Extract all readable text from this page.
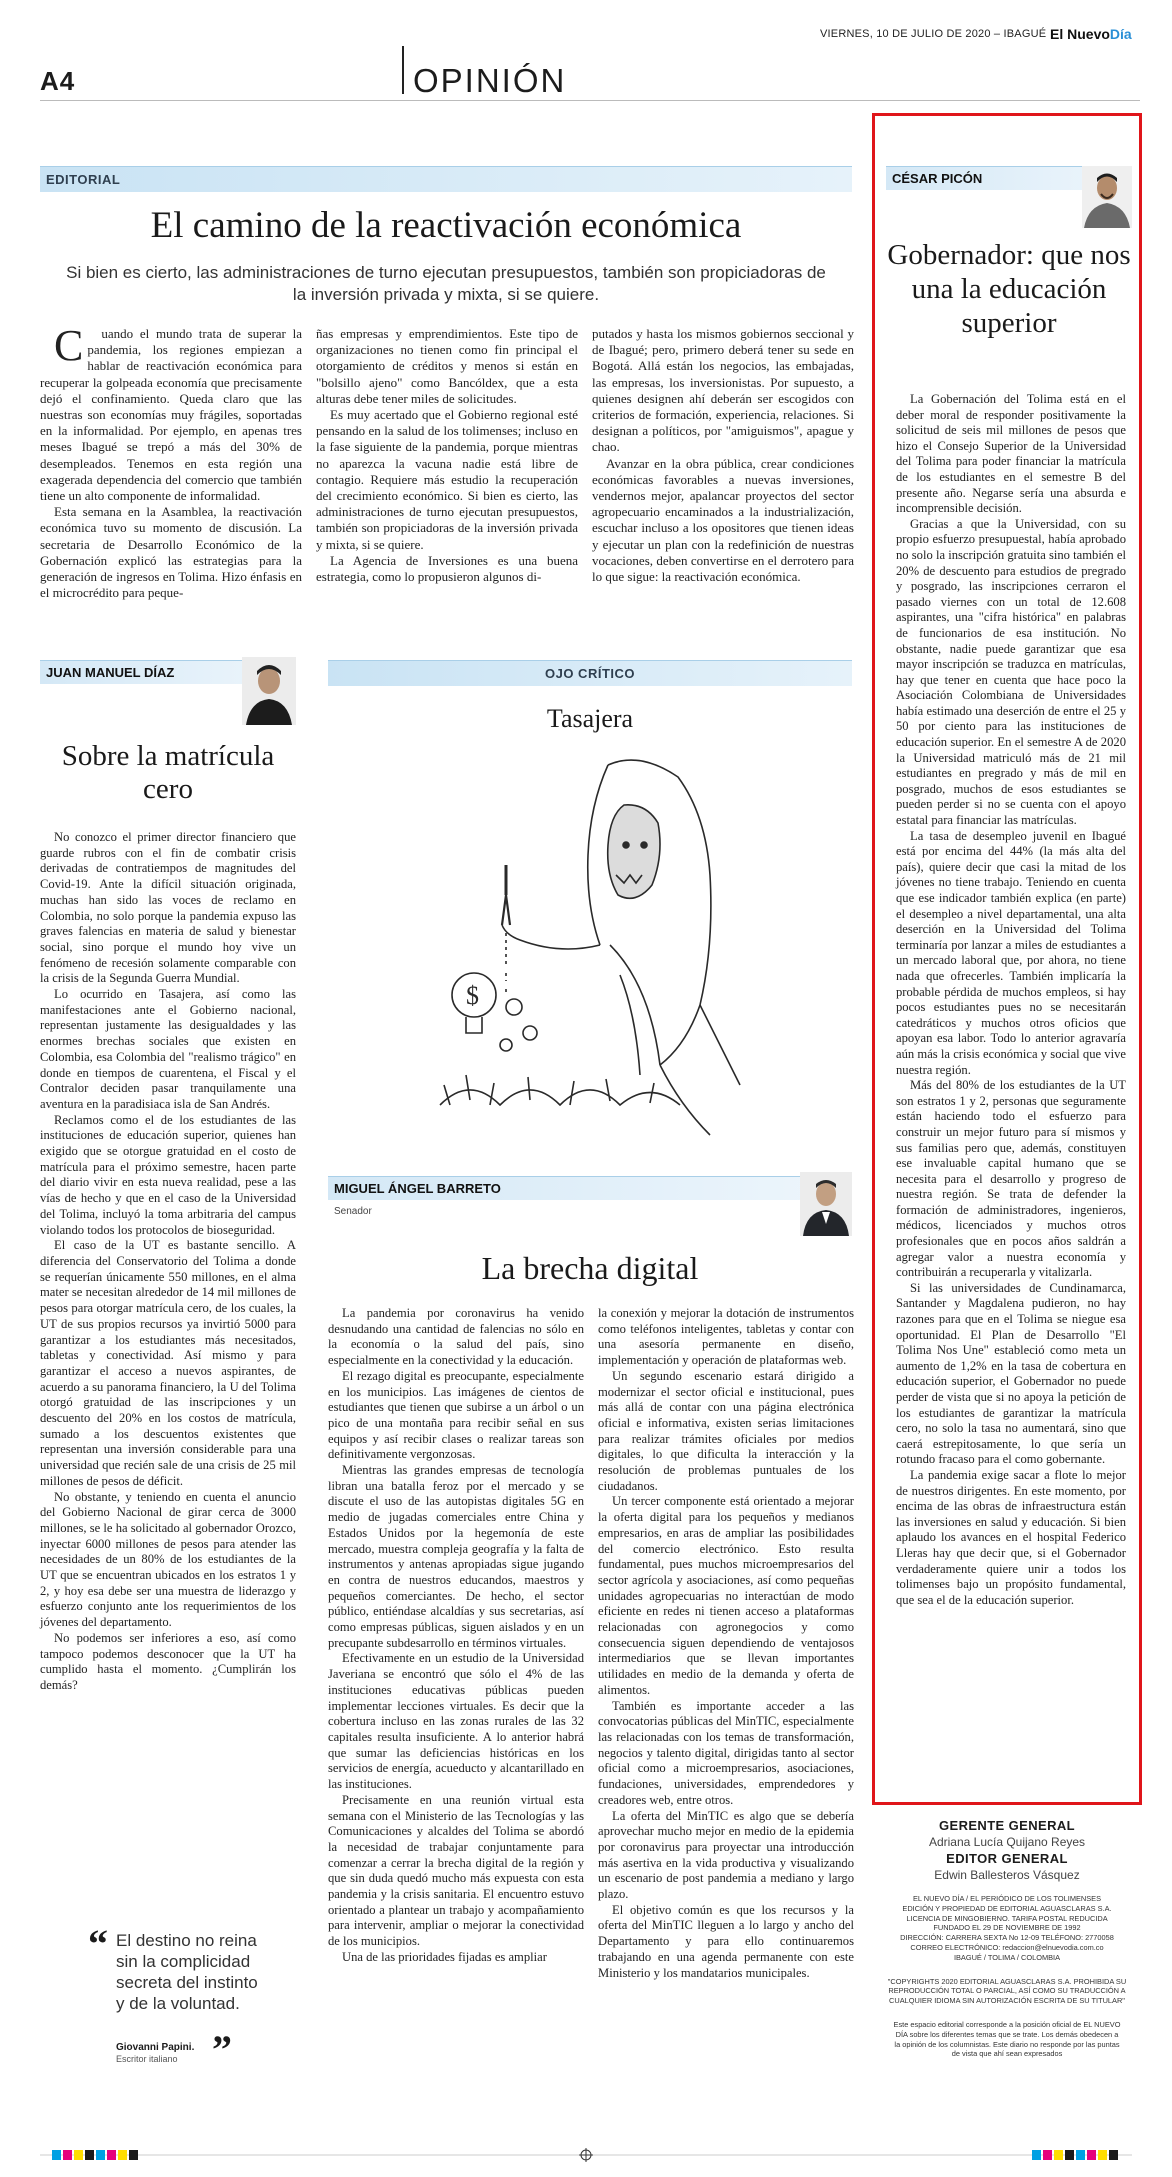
VIERNES, 10 DE JULIO DE 2020 – IBAGUÉ El NuevoDía
A4	OPINIÓN
EDITORIAL
El camino de la reactivación económica
Si bien es cierto, las administraciones de turno ejecutan presupuestos, también son propiciadoras de la inversión privada y mixta, si se quiere.

Cuando el mundo trata de superar la pandemia, los regiones empiezan a hablar de reactivación económica para recuperar la golpeada economía que precisamente dejó el confinamiento. Queda claro que las nuestras son economías muy frágiles, soportadas en la informalidad. Por ejemplo, en apenas tres meses Ibagué se trepó a más del 30% de desempleados. Tenemos en esta región una exagerada dependencia del comercio que también tiene un alto componente de informalidad.

Esta semana en la Asamblea, la reactivación económica tuvo su momento de discusión. La secretaria de Desarrollo Económico de la Gobernación explicó las estrategias para la generación de ingresos en Tolima. Hizo énfasis en el microcrédito para peque-

ñas empresas y emprendimientos. Este tipo de organizaciones no tienen como fin principal el otorgamiento de créditos y menos si están en "bolsillo ajeno" como Bancóldex, que a esta alturas debe tener miles de solicitudes.

Es muy acertado que el Gobierno regional esté pensando en la salud de los tolimenses; incluso en la fase siguiente de la pandemia, porque mientras no aparezca la vacuna nadie está libre de contagio. Requiere más estudio la recuperación del crecimiento económico. Si bien es cierto, las administraciones de turno ejecutan presupuestos, también son propiciadoras de la inversión privada y mixta, si se quiere.

La Agencia de Inversiones es una buena estrategia, como lo propusieron algunos di-

putados y hasta los mismos gobiernos seccional y de Ibagué; pero, primero deberá tener su sede en Bogotá. Allá están los negocios, las embajadas, las empresas, los inversionistas. Por supuesto, a quienes designen ahí deberán ser escogidos con criterios de formación, experiencia, relaciones. Si designan a políticos, por "amiguismos", apague y chao.

Avanzar en la obra pública, crear condiciones económicas favorables a nuevas inversiones, vendernos mejor, apalancar proyectos del sector agropecuario encaminados a la industrialización, escuchar incluso a los opositores que tienen ideas y ejecutar un plan con la redefinición de nuestras vocaciones, deben convertirse en el derrotero para lo que sigue: la reactivación económica.

JUAN MANUEL DÍAZ
Sobre la matrícula cero

No conozco el primer director financiero que guarde rubros con el fin de combatir crisis derivadas de contratiempos de magnitudes del Covid-19. Ante la difícil situación originada, muchas han sido las voces de reclamo en Colombia, no solo porque la pandemia expuso las graves falencias en materia de salud y bienestar social, sino porque el mundo hoy vive un fenómeno de recesión solamente comparable con la crisis de la Segunda Guerra Mundial.

Lo ocurrido en Tasajera, así como las manifestaciones ante el Gobierno nacional, representan justamente las desigualdades y las enormes brechas sociales que existen en Colombia, esa Colombia del "realismo trágico" en donde en tiempos de cuarentena, el Fiscal y el Contralor deciden pasar tranquilamente una aventura en la paradisiaca isla de San Andrés.

Reclamos como el de los estudiantes de las instituciones de educación superior, quienes han exigido que se otorgue gratuidad en el costo de matrícula para el próximo semestre, hacen parte del diario vivir en esta nueva realidad, pese a las vías de hecho y que en el caso de la Universidad del Tolima, incluyó la toma arbitraria del campus violando todos los protocolos de bioseguridad.

El caso de la UT es bastante sencillo. A diferencia del Conservatorio del Tolima a donde se requerían únicamente 550 millones, en el alma mater se necesitan alrededor de 14 mil millones de pesos para otorgar matrícula cero, de los cuales, la UT de sus propios recursos ya invirtió 5000 para garantizar a los estudiantes más necesitados, tabletas y conectividad. Así mismo y para garantizar el acceso a nuevos aspirantes, de acuerdo a su panorama financiero, la U del Tolima otorgó gratuidad de las inscripciones y un descuento del 20% en los costos de matrícula, sumado a los descuentos existentes que representan una inversión considerable para una universidad que recién sale de una crisis de 25 mil millones de pesos de déficit.

No obstante, y teniendo en cuenta el anuncio del Gobierno Nacional de girar cerca de 3000 millones, se le ha solicitado al gobernador Orozco, inyectar 6000 millones de pesos para atender las necesidades de un 80% de los estudiantes de la UT que se encuentran ubicados en los estratos 1 y 2, y hoy esa debe ser una muestra de liderazgo y esfuerzo conjunto ante los requerimientos de los jóvenes del departamento.

No podemos ser inferiores a eso, así como tampoco podemos desconocer que la UT ha cumplido hasta el momento. ¿Cumplirán los demás?

“ El destino no reina sin la complicidad secreta del instinto y de la voluntad.
Giovanni Papini.
Escritor italiano ”
OJO CRÍTICO
Tasajera
$
MIGUEL ÁNGEL BARRETO
Senador
La brecha digital

La pandemia por coronavirus ha venido desnudando una cantidad de falencias no sólo en la economía o la salud del país, sino especialmente en la conectividad y la educación.

El rezago digital es preocupante, especialmente en los municipios. Las imágenes de cientos de estudiantes que tienen que subirse a un árbol o un pico de una montaña para recibir señal en sus equipos y así recibir clases o realizar tareas son definitivamente vergonzosas.

Mientras las grandes empresas de tecnología libran una batalla feroz por el mercado y se discute el uso de las autopistas digitales 5G en medio de jugadas comerciales entre China y Estados Unidos por la hegemonía de este mercado, muestra compleja geografía y la falta de instrumentos y antenas apropiadas sigue jugando en contra de nuestros educandos, maestros y pequeños comerciantes. De hecho, el sector público, entiéndase alcaldías y sus secretarias, así como empresas públicas, siguen aislados y en un precupante subdesarrollo en términos virtuales.

Efectivamente en un estudio de la Universidad Javeriana se encontró que sólo el 4% de las instituciones educativas públicas pueden implementar lecciones virtuales. Es decir que la cobertura incluso en las zonas rurales de las 32 capitales resulta insuficiente. A lo anterior habrá que sumar las deficiencias históricas en los servicios de energía, acueducto y alcantarillado en las instituciones.

Precisamente en una reunión virtual esta semana con el Ministerio de las Tecnologías y las Comunicaciones y alcaldes del Tolima se abordó la necesidad de trabajar conjuntamente para comenzar a cerrar la brecha digital de la región y que sin duda quedó mucho más expuesta con esta pandemia y la crisis sanitaria. El encuentro estuvo orientado a plantear un trabajo y acompañamiento para intervenir, ampliar o mejorar la conectividad de los municipios.

Una de las prioridades fijadas es ampliar

la conexión y mejorar la dotación de instrumentos como teléfonos inteligentes, tabletas y contar con una asesoría permanente en diseño, implementación y operación de plataformas web.

Un segundo escenario estará dirigido a modernizar el sector oficial e institucional, pues más allá de contar con una página electrónica oficial e informativa, existen serias limitaciones para realizar trámites oficiales por medios digitales, lo que dificulta la interacción y la resolución de problemas puntuales de los ciudadanos.

Un tercer componente está orientado a mejorar la oferta digital para los pequeños y medianos empresarios, en aras de ampliar las posibilidades del comercio electrónico. Esto resulta fundamental, pues muchos microempresarios del sector agrícola y asociaciones, así como pequeñas unidades agropecuarias no interactúan de modo eficiente en redes ni tienen acceso a plataformas relacionadas con agronegocios y como consecuencia siguen dependiendo de ventajosos intermediarios que se llevan importantes utilidades en medio de la demanda y oferta de alimentos.

También es importante acceder a las convocatorias públicas del MinTIC, especialmente las relacionadas con los temas de transformación, negocios y talento digital, dirigidas tanto al sector oficial como a microempresarios, asociaciones, fundaciones, universidades, emprendedores y creadores web, entre otros.

La oferta del MinTIC es algo que se debería aprovechar mucho mejor en medio de la epidemia por coronavirus para proyectar una introducción más asertiva en la vida productiva y visualizando un escenario de post pandemia a mediano y largo plazo.

El objetivo común es que los recursos y la oferta del MinTIC lleguen a lo largo y ancho del Departamento y para ello continuaremos trabajando en una agenda permanente con este Ministerio y los mandatarios municipales.

CÉSAR PICÓN
Gobernador: que nos una la educación superior

La Gobernación del Tolima está en el deber moral de responder positivamente la solicitud de seis mil millones de pesos que hizo el Consejo Superior de la Universidad del Tolima para poder financiar la matrícula de los estudiantes en el semestre B del presente año. Negarse sería una absurda e incomprensible decisión.

Gracias a que la Universidad, con su propio esfuerzo presupuestal, había aprobado no solo la inscripción gratuita sino también el 20% de descuento para estudios de pregrado y posgrado, las inscripciones cerraron el pasado viernes con un total de 12.608 aspirantes, una "cifra histórica" en palabras de funcionarios de esa institución. No obstante, nadie puede garantizar que esa mayor inscripción se traduzca en matrículas, hay que tener en cuenta que hace poco la Asociación Colombiana de Universidades había estimado una deserción de entre el 25 y 50 por ciento para las instituciones de educación superior. En el semestre A de 2020 la Universidad matriculó más de 21 mil estudiantes en pregrado y más de mil en posgrado, muchos de esos estudiantes se pueden perder si no se cuenta con el apoyo estatal para financiar las matrículas.

La tasa de desempleo juvenil en Ibagué está por encima del 44% (la más alta del país), quiere decir que casi la mitad de los jóvenes no tiene trabajo. Teniendo en cuenta que ese indicador también explica (en parte) el desempleo a nivel departamental, una alta deserción en la Universidad del Tolima terminaría por lanzar a miles de estudiantes a un mercado laboral que, por ahora, no tiene nada que ofrecerles. También implicaría la probable pérdida de muchos empleos, si hay pocos estudiantes pues no se necesitarán catedráticos y muchos otros oficios que apoyan esa labor. Todo lo anterior agravaría aún más la crisis económica y social que vive nuestra región.

Más del 80% de los estudiantes de la UT son estratos 1 y 2, personas que seguramente están haciendo todo el esfuerzo para construir un mejor futuro para sí mismos y sus familias pero que, además, constituyen ese invaluable capital humano que se necesita para el desarrollo y progreso de nuestra región. Se trata de defender la formación de administradores, ingenieros, médicos, licenciados y muchos otros profesionales que en pocos años saldrán a agregar valor a nuestra economía y contribuirán a recuperarla y vitalizarla.

Si las universidades de Cundinamarca, Santander y Magdalena pudieron, no hay razones para que en el Tolima se niegue esa oportunidad. El Plan de Desarrollo "El Tolima Nos Une" estableció como meta un aumento de 1,2% en la tasa de cobertura en educación superior, el Gobernador no puede perder de vista que si no apoya la petición de los estudiantes de garantizar la matrícula cero, no solo la tasa no aumentará, sino que caerá estrepitosamente, lo que sería un rotundo fracaso para el como gobernante.

La pandemia exige sacar a flote lo mejor de nuestros dirigentes. En este momento, por encima de las obras de infraestructura están las inversiones en salud y educación. Si bien aplaudo los avances en el hospital Federico Lleras hay que decir que, si el Gobernador verdaderamente quiere unir a todos los tolimenses bajo un propósito fundamental, que sea el de la educación superior.

GERENTE GENERAL
Adriana Lucía Quijano Reyes
EDITOR GENERAL
Edwin Ballesteros Vásquez
EL NUEVO DÍA / EL PERIÓDICO DE LOS TOLIMENSES
EDICIÓN Y PROPIEDAD DE EDITORIAL AGUASCLARAS S.A.
LICENCIA DE MINGOBIERNO. TARIFA POSTAL REDUCIDA
FUNDADO EL 29 DE NOVIEMBRE DE 1992
DIRECCIÓN: CARRERA SEXTA No 12-09 TELÉFONO: 2770058
CORREO ELECTRÓNICO: redaccion@elnuevodia.com.co
IBAGUÉ / TOLIMA / COLOMBIA
"COPYRIGHTS 2020 EDITORIAL AGUASCLARAS S.A. PROHIBIDA SU
REPRODUCCIÓN TOTAL O PARCIAL, ASÍ COMO SU TRADUCCIÓN A
CUALQUIER IDIOMA SIN AUTORIZACIÓN ESCRITA DE SU TITULAR"
Este espacio editorial corresponde a la posición oficial de EL NUEVO
DÍA sobre los diferentes temas que se trate. Los demás obedecen a
la opinión de los columnistas. Este diario no responde por las puntas
de vista que ahí sean expresados
